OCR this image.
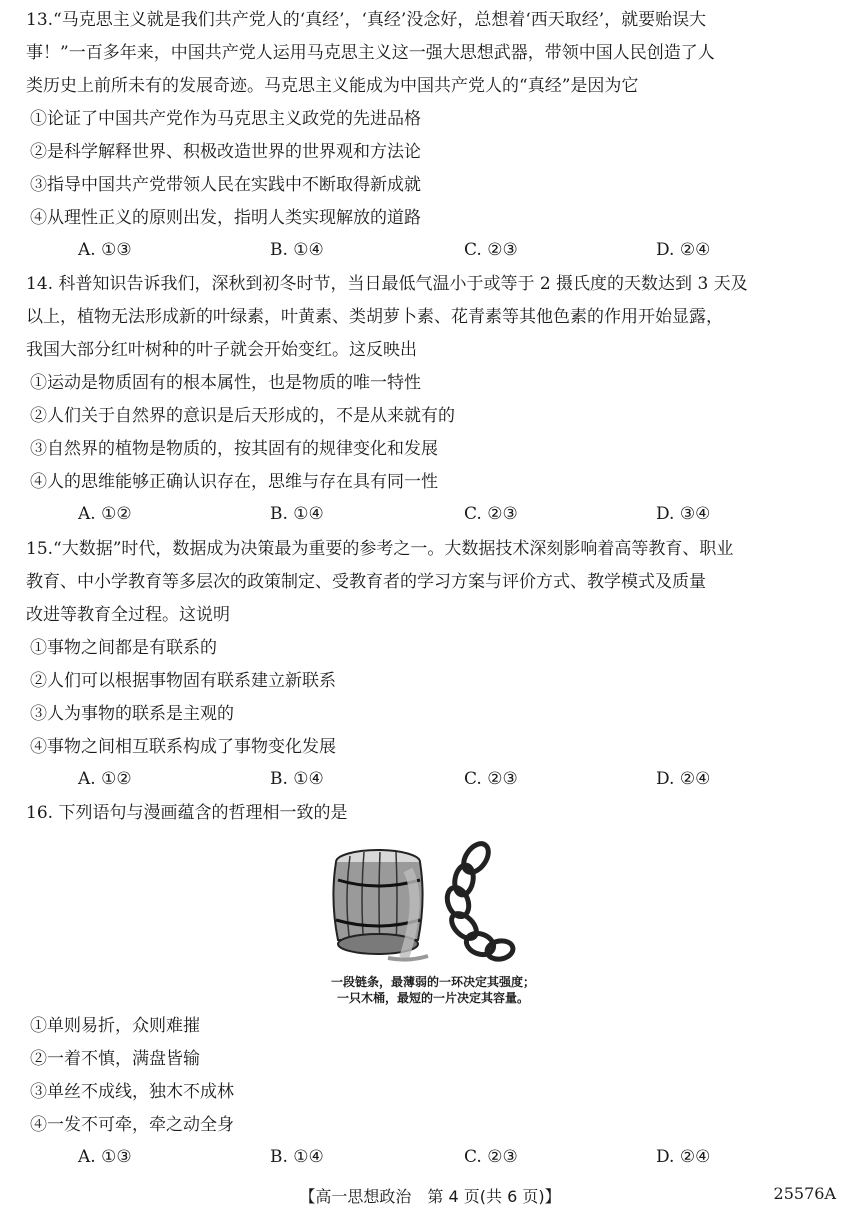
13.“马克思主义就是我们共产党人的‘真经’，‘真经’没念好，总想着‘西天取经’，就要贻误大
事！”一百多年来，中国共产党人运用马克思主义这一强大思想武器，带领中国人民创造了人
类历史上前所未有的发展奇迹。马克思主义能成为中国共产党人的“真经”是因为它
①论证了中国共产党作为马克思主义政党的先进品格
②是科学解释世界、积极改造世界的世界观和方法论
③指导中国共产党带领人民在实践中不断取得新成就
④从理性正义的原则出发，指明人类实现解放的道路
A. ①③	B. ①④	C. ②③	D. ②④
14. 科普知识告诉我们，深秋到初冬时节，当日最低气温小于或等于 2 摄氏度的天数达到 3 天及
以上，植物无法形成新的叶绿素，叶黄素、类胡萝卜素、花青素等其他色素的作用开始显露，
我国大部分红叶树种的叶子就会开始变红。这反映出
①运动是物质固有的根本属性，也是物质的唯一特性
②人们关于自然界的意识是后天形成的，不是从来就有的
③自然界的植物是物质的，按其固有的规律变化和发展
④人的思维能够正确认识存在，思维与存在具有同一性
A. ①②	B. ①④	C. ②③	D. ③④
15.“大数据”时代，数据成为决策最为重要的参考之一。大数据技术深刻影响着高等教育、职业
教育、中小学教育等多层次的政策制定、受教育者的学习方案与评价方式、教学模式及质量
改进等教育全过程。这说明
①事物之间都是有联系的
②人们可以根据事物固有联系建立新联系
③人为事物的联系是主观的
④事物之间相互联系构成了事物变化发展
A. ①②	B. ①④	C. ②③	D. ②④
16. 下列语句与漫画蕴含的哲理相一致的是
一段链条，最薄弱的一环决定其强度；
一只木桶，最短的一片决定其容量。
①单则易折，众则难摧
②一着不慎，满盘皆输
③单丝不成线，独木不成林
④一发不可牵，牵之动全身
A. ①③	B. ①④	C. ②③	D. ②④
【高一思想政治　第 4 页(共 6 页)】	25576A
